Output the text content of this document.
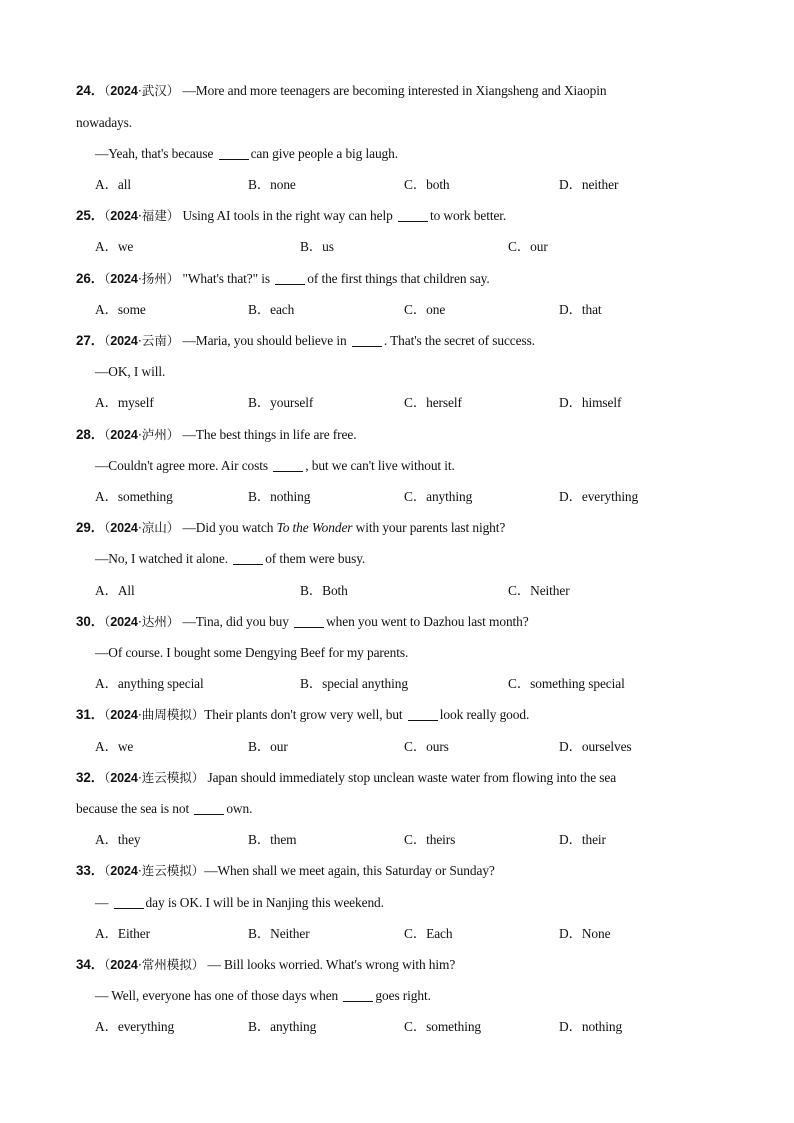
24．（2024·武汉） —More and more teenagers are becoming interested in Xiangsheng and Xiaopin
nowadays.
—Yeah, that's because	can give people a big laugh.
A．all	B．none	C．both	D．neither
25．（2024·福建） Using AI tools in the right way can help	to work better.
A．we	B．us	C．our
26．（2024·扬州） "What's that?" is	of the first things that children say.
A．some	B．each	C．one	D．that
27．（2024·云南） —Maria, you should believe in	. That's the secret of success.
—OK, I will.
A．myself	B．yourself	C．herself	D．himself
28．（2024·泸州） —The best things in life are free.
—Couldn't agree more. Air costs	, but we can't live without it.
A．something	B．nothing	C．anything	D．everything
29．（2024·凉山） —Did you watch To the Wonder with your parents last night?
—No, I watched it alone.	of them were busy.
A．All	B．Both	C．Neither
30．（2024·达州） —Tina, did you buy	when you went to Dazhou last month?
—Of course. I bought some Dengying Beef for my parents.
A．anything special	B．special anything	C．something special
31．（2024·曲周模拟）Their plants don't grow very well, but	look really good.
A．we	B．our	C．ours	D．ourselves
32．（2024·连云模拟） Japan should immediately stop unclean waste water from flowing into the sea
because the sea is not	own.
A．they	B．them	C．theirs	D．their
33．（2024·连云模拟）—When shall we meet again, this Saturday or Sunday?
—	day is OK. I will be in Nanjing this weekend.
A．Either	B．Neither	C．Each	D．None
34．（2024·常州模拟） — Bill looks worried. What's wrong with him?
— Well, everyone has one of those days when	goes right.
A．everything	B．anything	C．something	D．nothing
